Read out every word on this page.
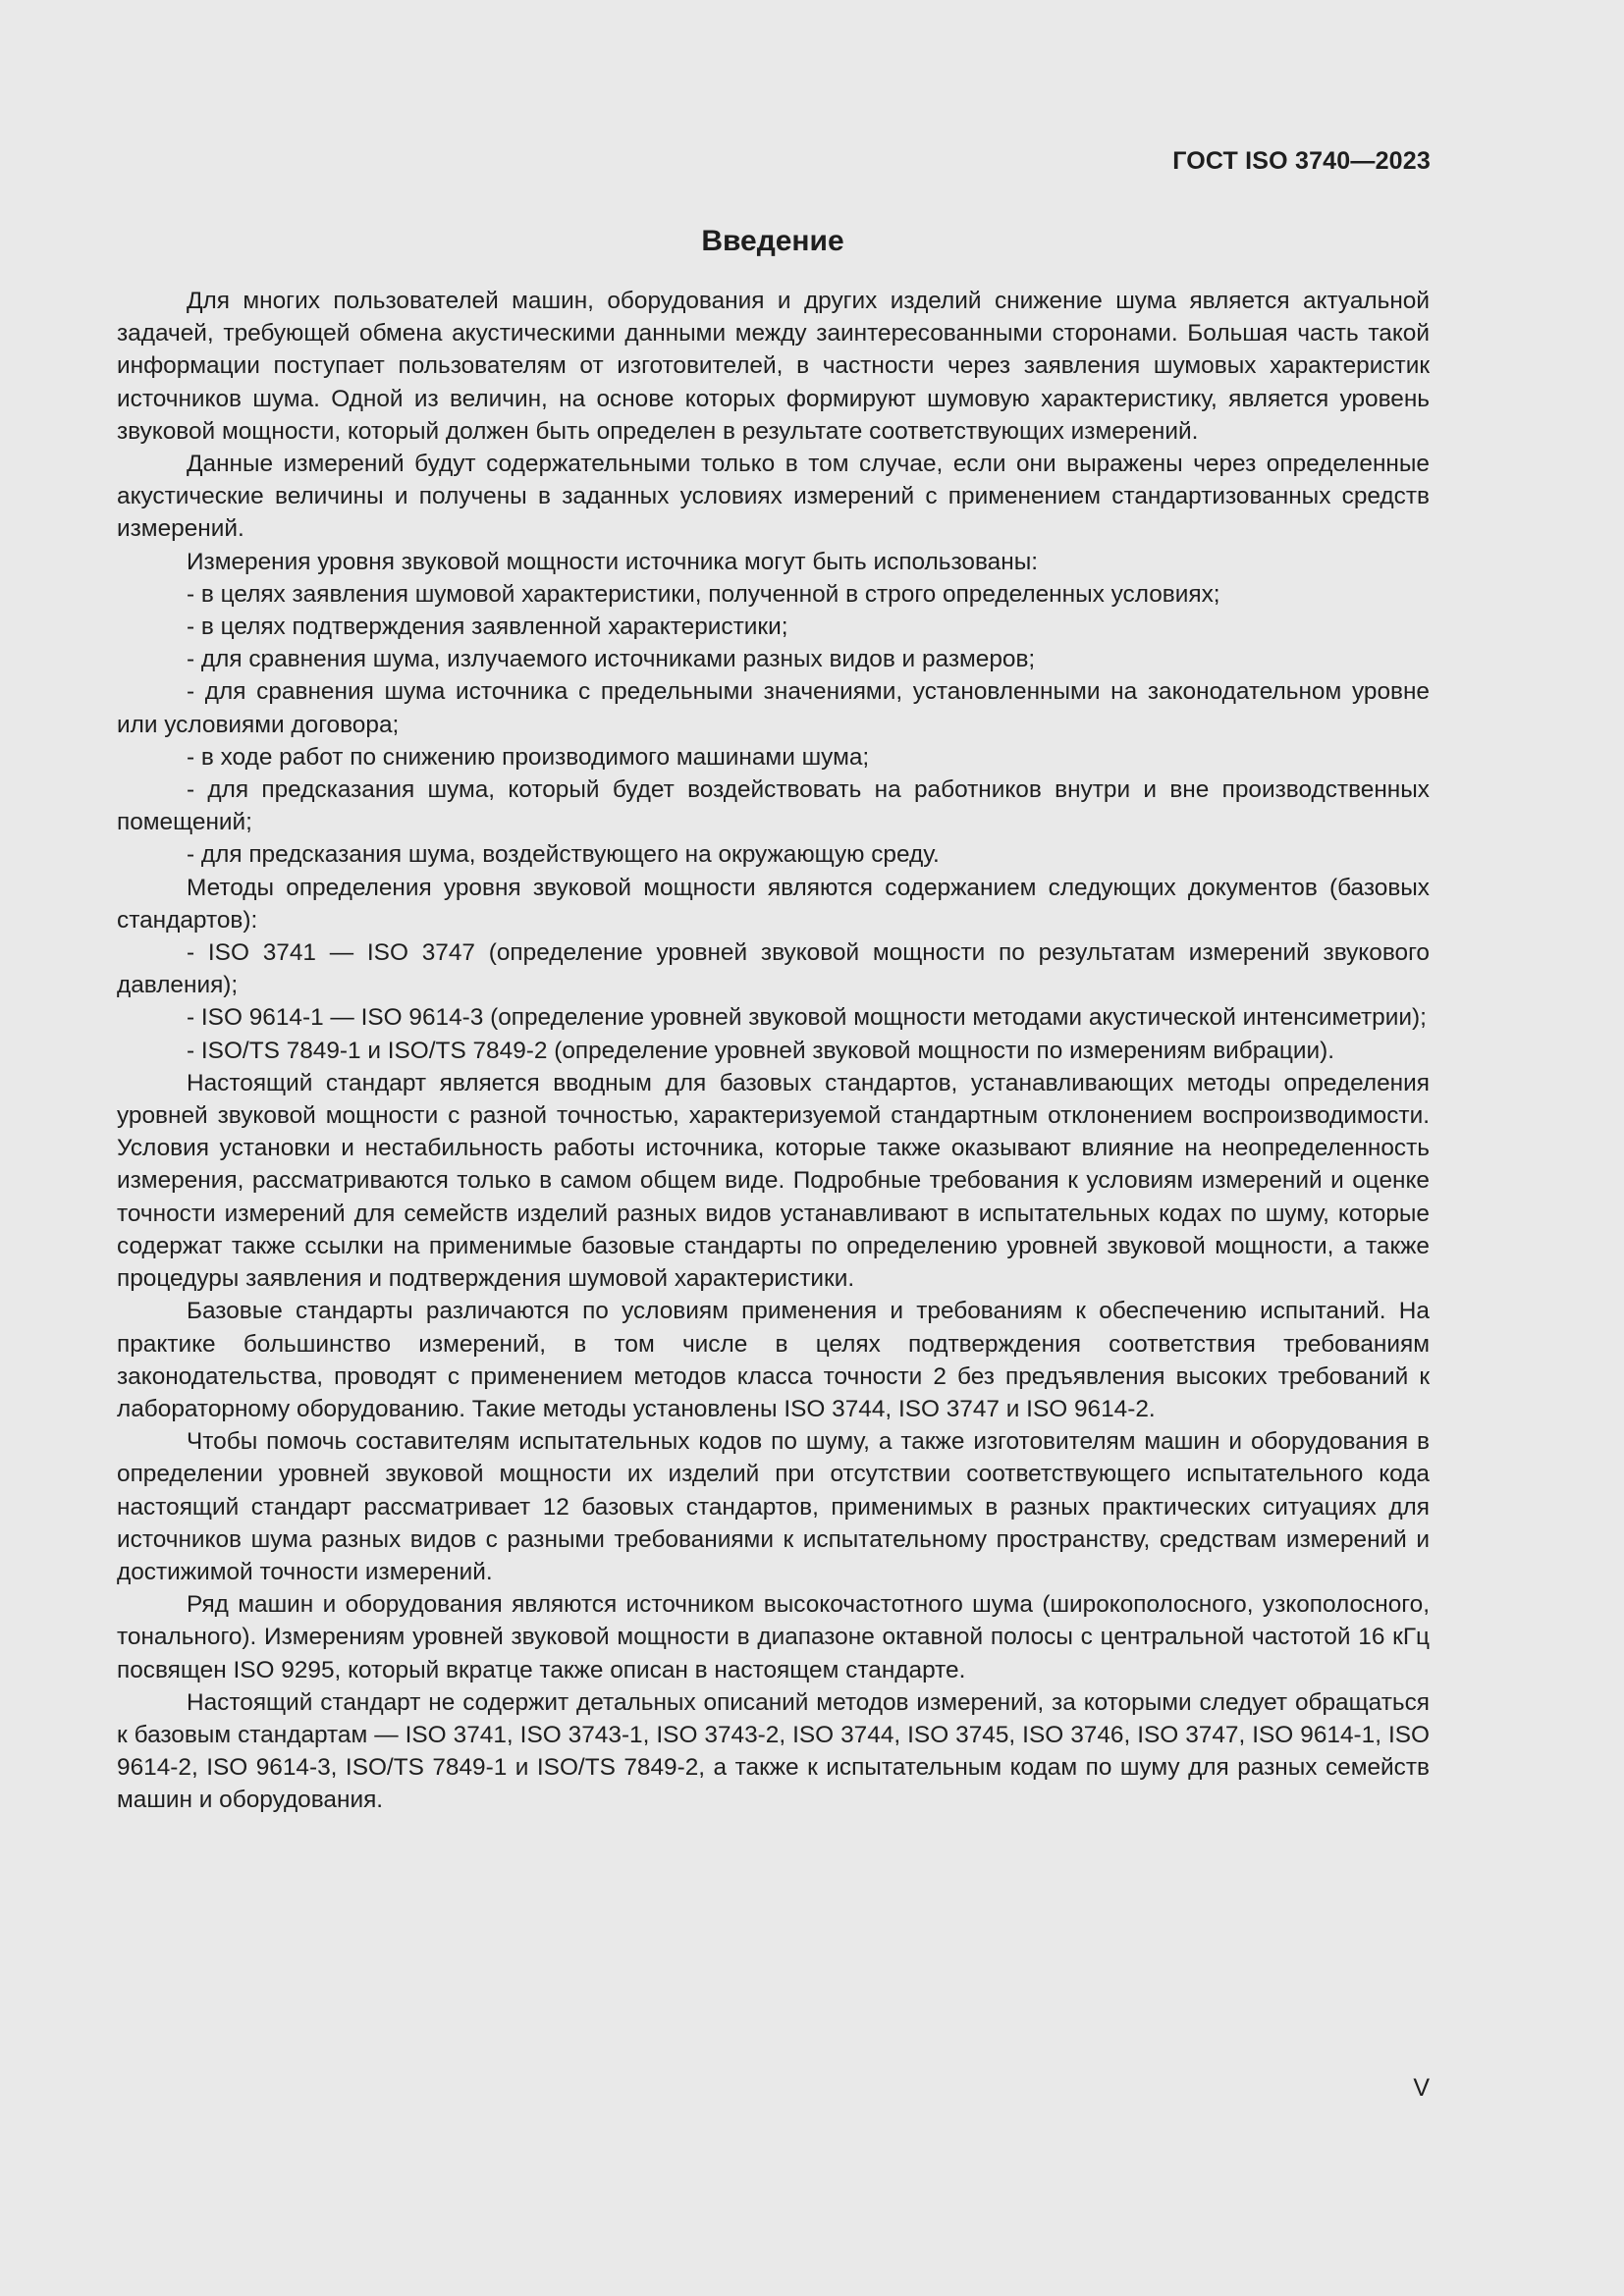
ГОСТ ISO 3740—2023
Введение

Для многих пользователей машин, оборудования и других изделий снижение шума является актуальной задачей, требующей обмена акустическими данными между заинтересованными сторонами. Большая часть такой информации поступает пользователям от изготовителей, в частности через заявления шумовых характеристик источников шума. Одной из величин, на основе которых формируют шумовую характеристику, является уровень звуковой мощности, который должен быть определен в результате соответствующих измерений.

Данные измерений будут содержательными только в том случае, если они выражены через определенные акустические величины и получены в заданных условиях измерений с применением стандартизованных средств измерений.

Измерения уровня звуковой мощности источника могут быть использованы:

- в целях заявления шумовой характеристики, полученной в строго определенных условиях;

- в целях подтверждения заявленной характеристики;

- для сравнения шума, излучаемого источниками разных видов и размеров;

- для сравнения шума источника с предельными значениями, установленными на законодательном уровне или условиями договора;

- в ходе работ по снижению производимого машинами шума;

- для предсказания шума, который будет воздействовать на работников внутри и вне производственных помещений;

- для предсказания шума, воздействующего на окружающую среду.

Методы определения уровня звуковой мощности являются содержанием следующих документов (базовых стандартов):

- ISO 3741 — ISO 3747 (определение уровней звуковой мощности по результатам измерений звукового давления);

- ISO 9614-1 — ISO 9614-3 (определение уровней звуковой мощности методами акустической интенсиметрии);

- ISO/TS 7849-1 и ISO/TS 7849-2 (определение уровней звуковой мощности по измерениям вибрации).

Настоящий стандарт является вводным для базовых стандартов, устанавливающих методы определения уровней звуковой мощности с разной точностью, характеризуемой стандартным отклонением воспроизводимости. Условия установки и нестабильность работы источника, которые также оказывают влияние на неопределенность измерения, рассматриваются только в самом общем виде. Подробные требования к условиям измерений и оценке точности измерений для семейств изделий разных видов устанавливают в испытательных кодах по шуму, которые содержат также ссылки на применимые базовые стандарты по определению уровней звуковой мощности, а также процедуры заявления и подтверждения шумовой характеристики.

Базовые стандарты различаются по условиям применения и требованиям к обеспечению испытаний. На практике большинство измерений, в том числе в целях подтверждения соответствия требованиям законодательства, проводят с применением методов класса точности 2 без предъявления высоких требований к лабораторному оборудованию. Такие методы установлены ISO 3744, ISO 3747 и ISO 9614-2.

Чтобы помочь составителям испытательных кодов по шуму, а также изготовителям машин и оборудования в определении уровней звуковой мощности их изделий при отсутствии соответствующего испытательного кода настоящий стандарт рассматривает 12 базовых стандартов, применимых в разных практических ситуациях для источников шума разных видов с разными требованиями к испытательному пространству, средствам измерений и достижимой точности измерений.

Ряд машин и оборудования являются источником высокочастотного шума (широкополосного, узкополосного, тонального). Измерениям уровней звуковой мощности в диапазоне октавной полосы с центральной частотой 16 кГц посвящен ISO 9295, который вкратце также описан в настоящем стандарте.

Настоящий стандарт не содержит детальных описаний методов измерений, за которыми следует обращаться к базовым стандартам — ISO 3741, ISO 3743-1, ISO 3743-2, ISO 3744, ISO 3745, ISO 3746, ISO 3747, ISO 9614-1, ISO 9614-2, ISO 9614-3, ISO/TS 7849-1 и ISO/TS 7849-2, а также к испытательным кодам по шуму для разных семейств машин и оборудования.

V
